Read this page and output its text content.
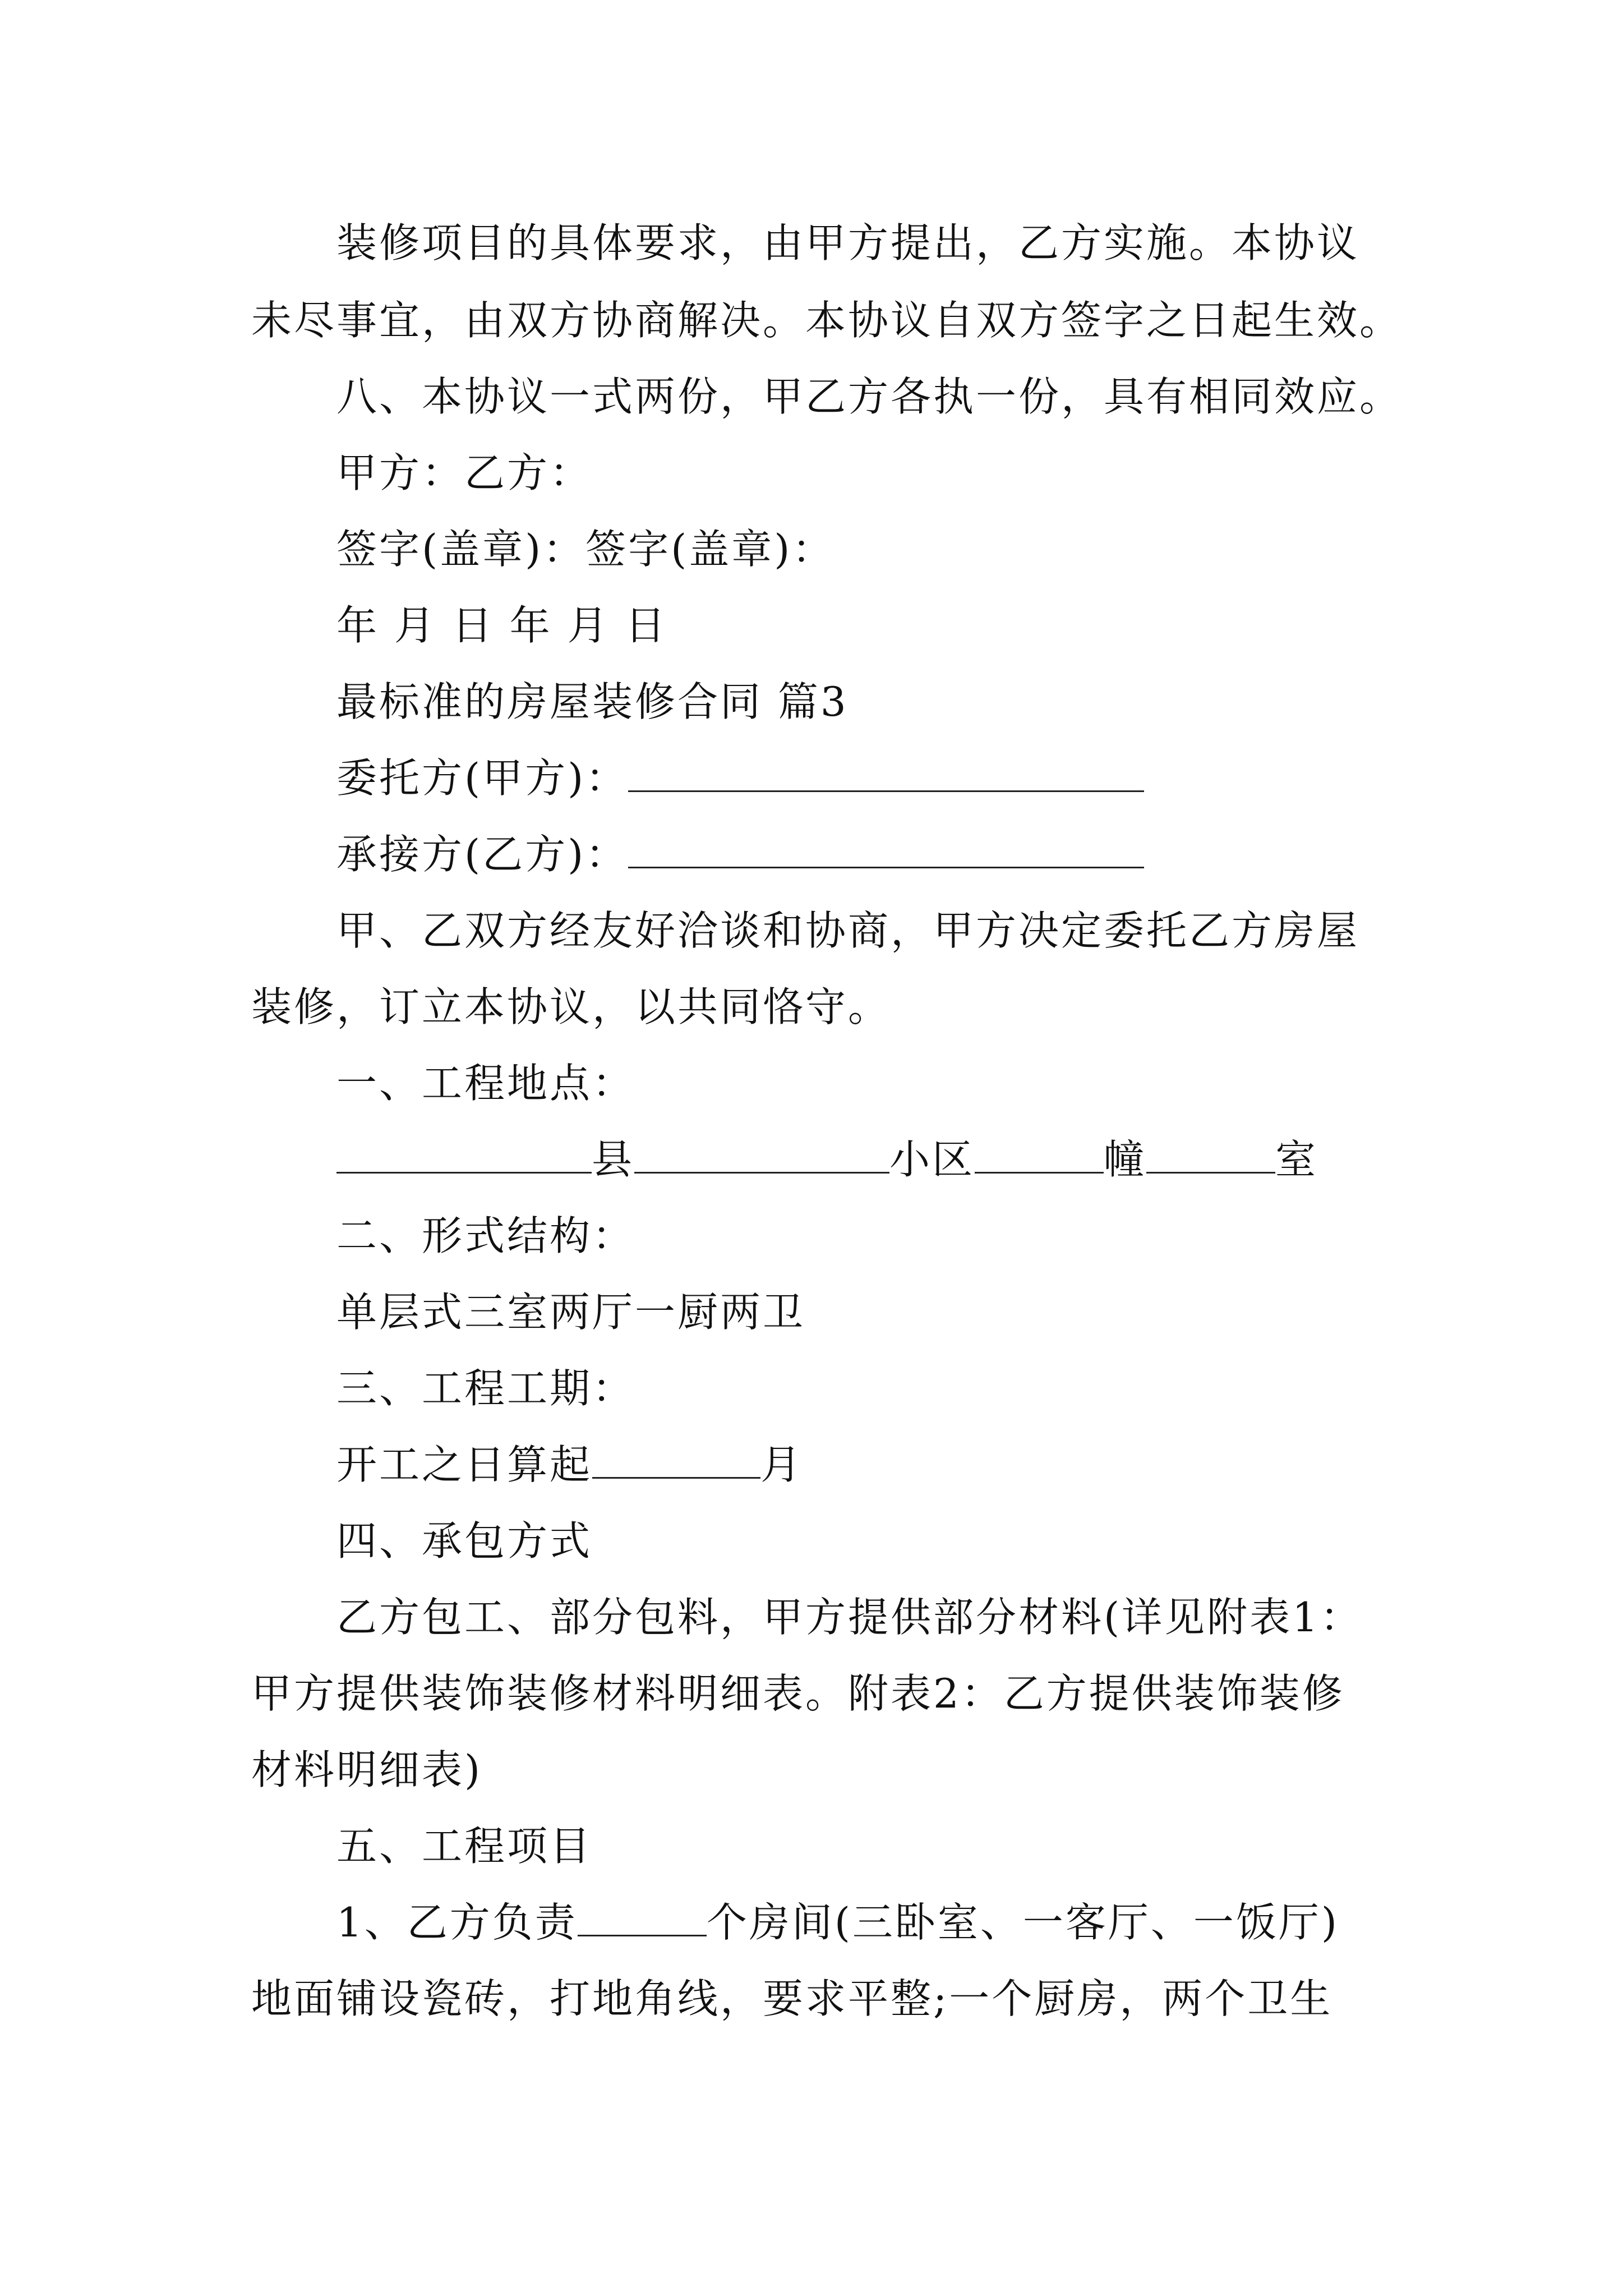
装修项目的具体要求，由甲方提出，乙方实施。本协议
未尽事宜，由双方协商解决。本协议自双方签字之日起生效。
八、本协议一式两份，甲乙方各执一份，具有相同效应。
甲方：乙方：
签字(盖章)：签字(盖章)：
年 月 日 年 月 日
最标准的房屋装修合同 篇3
委托方(甲方)：
承接方(乙方)：
甲、乙双方经友好洽谈和协商，甲方决定委托乙方房屋
装修，订立本协议，以共同恪守。
一、工程地点：
县	小区	幢	室
二、形式结构：
单层式三室两厅一厨两卫
三、工程工期：
开工之日算起	月
四、承包方式
乙方包工、部分包料，甲方提供部分材料(详见附表1：
甲方提供装饰装修材料明细表。附表2：乙方提供装饰装修
材料明细表)
五、工程项目
1、乙方负责	个房间(三卧室、一客厅、一饭厅)
地面铺设瓷砖，打地角线，要求平整;一个厨房，两个卫生
